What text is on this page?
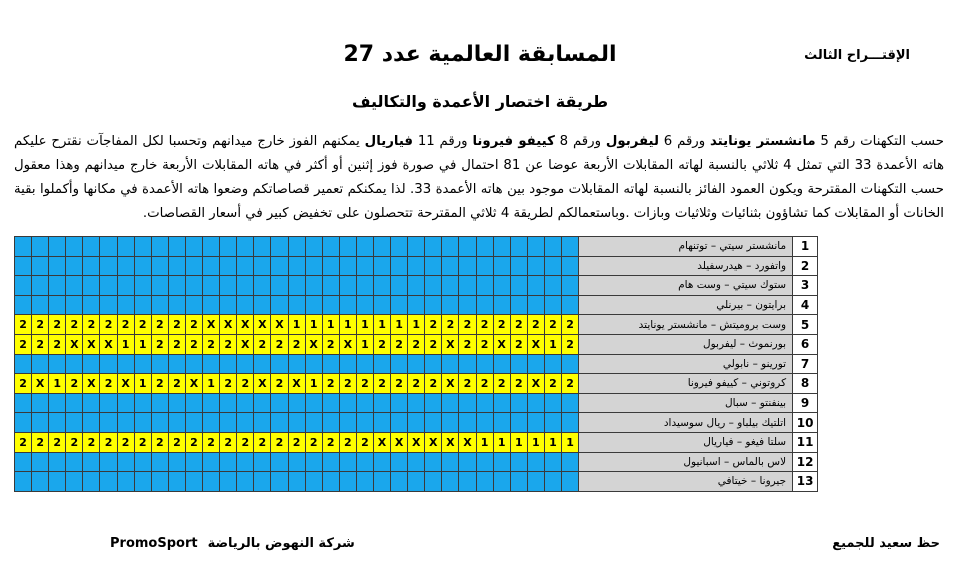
المسابقة العالمية عدد 27	الإقتـــراح الثالث
طريقة اختصار الأعمدة والتكاليف
حسب التكهنات رقم 5 مانشستر يونايتد ورقم 6 ليفربول ورقم 8 كييفو فيرونا ورقم 11 فياريال يمكنهم الفوز خارج ميدانهم وتحسبا لكل المفاجآت نقترح عليكم هاته الأعمدة 33 التي تمثل 4 ثلاثي بالنسبة لهاته المقابلات الأربعة عوضا عن 81 احتمال في صورة فوز إثنين أو أكثر في هاته المقابلات الأربعة خارج ميدانهم وهذا معقول حسب التكهنات المقترحة ويكون العمود الفائز بالنسبة لهاته المقابلات موجود بين هاته الأعمدة 33. لذا يمكنكم تعمير قصاصاتكم وضعوا هاته الأعمدة في مكانها وأكملوا بقية الخانات أو المقابلات كما تشاؤون بثنائيات وثلاثيات وبازات .وباستعمالكم لطريقة 4 ثلاثي المقترحة تتحصلون على تخفيض كبير في أسعار القصاصات.
																																	مانشستر سيتي – توتنهام	1
																																	واتفورد – هيدرسفيلد	2
																																	ستوك سيتي – وست هام	3
																																	برايتون – بيرنلي	4
2	2	2	2	2	2	2	2	2	2	2	X	X	X	X	X	1	1	1	1	1	1	1	1	2	2	2	2	2	2	2	2	2	وست بروميتش – مانشستر يونايتد	5
2	2	2	X	X	X	1	1	2	2	2	2	2	X	2	2	2	X	2	X	1	2	2	2	2	X	2	2	X	2	X	1	2	بورنموث – ليفربول	6
																																	تورينو – نابولي	7
2	X	1	2	X	2	X	1	2	2	X	1	2	2	X	2	X	1	2	2	2	2	2	2	2	X	2	2	2	2	X	2	2	كروتوني – كييفو فيرونا	8
																																	بينفنتو – سبال	9
																																	اتلتيك بيلباو – ريال سوسيداد	10
2	2	2	2	2	2	2	2	2	2	2	2	2	2	2	2	2	2	2	2	2	X	X	X	X	X	X	1	1	1	1	1	1	سلتا فيغو – فياريال	11
																																	لاس بالماس – اسبانيول	12
																																	جيرونا – خيتافي	13
حظ سعيد للجميع
PromoSport شركة النهوض بالرياضة
